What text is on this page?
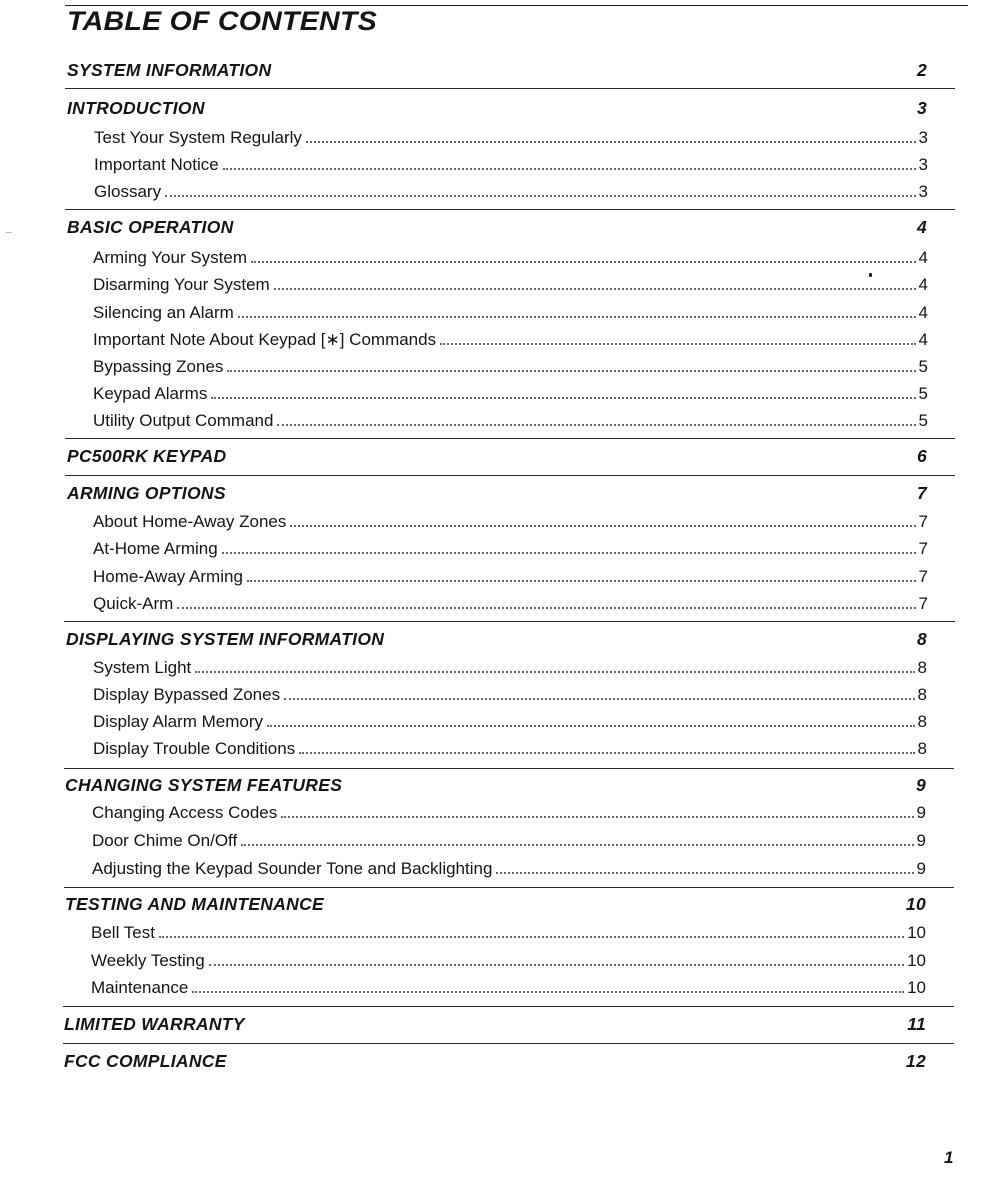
TABLE OF CONTENTS
SYSTEM INFORMATION	2
INTRODUCTION	3
Test Your System Regularly	3
Important Notice	3
Glossary	3
BASIC OPERATION	4
Arming Your System	4
Disarming Your System	4
Silencing an Alarm	4
Important Note About Keypad [∗] Commands	4
Bypassing Zones	5
Keypad Alarms	5
Utility Output Command	5
PC500RK KEYPAD	6
ARMING OPTIONS	7
About Home-Away Zones	7
At-Home Arming	7
Home-Away Arming	7
Quick-Arm	7
DISPLAYING SYSTEM INFORMATION	8
System Light	8
Display Bypassed Zones	8
Display Alarm Memory	8
Display Trouble Conditions	8
CHANGING SYSTEM FEATURES	9
Changing Access Codes	9
Door Chime On/Off	9
Adjusting the Keypad Sounder Tone and Backlighting	9
TESTING AND MAINTENANCE	10
Bell Test	10
Weekly Testing	10
Maintenance	10
LIMITED WARRANTY	11
FCC COMPLIANCE	12
1
